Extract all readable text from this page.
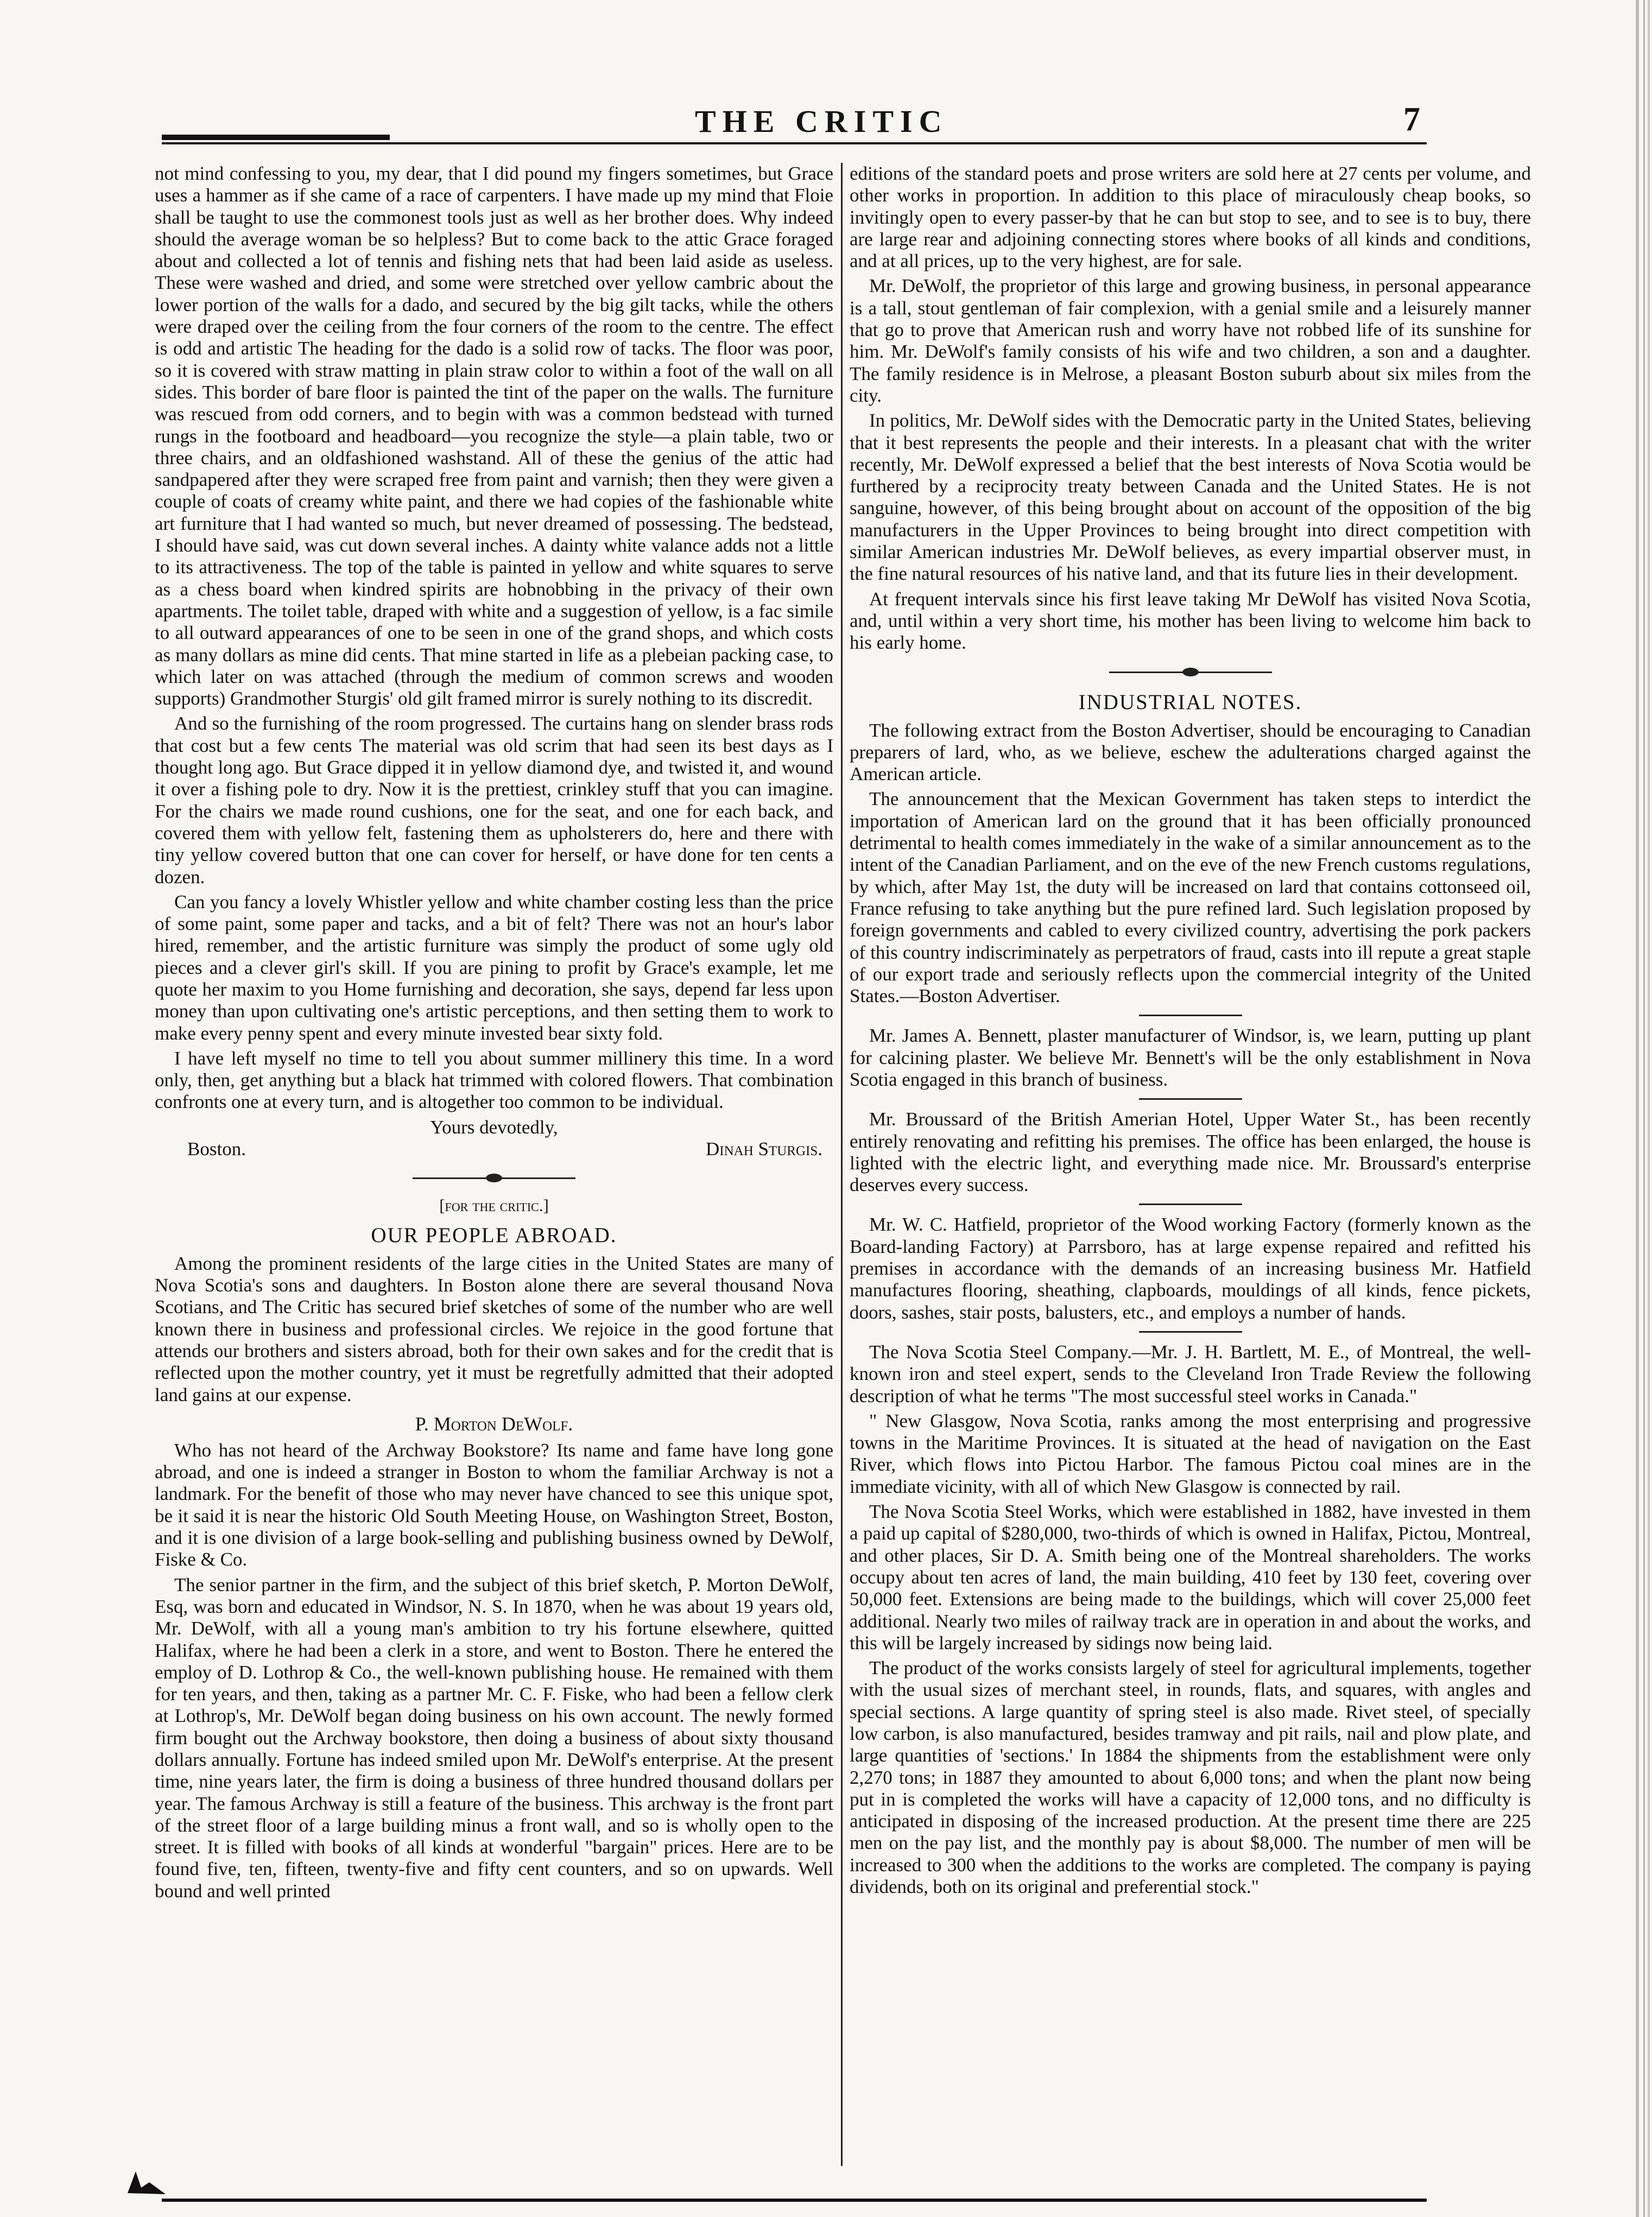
THE CRITIC	7

not mind confessing to you, my dear, that I did pound my fingers sometimes, but Grace uses a hammer as if she came of a race of carpenters. I have made up my mind that Floie shall be taught to use the commonest tools just as well as her brother does. Why indeed should the average woman be so helpless? But to come back to the attic Grace foraged about and collected a lot of tennis and fishing nets that had been laid aside as useless. These were washed and dried, and some were stretched over yellow cambric about the lower portion of the walls for a dado, and secured by the big gilt tacks, while the others were draped over the ceiling from the four corners of the room to the centre. The effect is odd and artistic The heading for the dado is a solid row of tacks. The floor was poor, so it is covered with straw matting in plain straw color to within a foot of the wall on all sides. This border of bare floor is painted the tint of the paper on the walls. The furniture was rescued from odd corners, and to begin with was a common bedstead with turned rungs in the footboard and headboard—you recognize the style—a plain table, two or three chairs, and an oldfashioned washstand. All of these the genius of the attic had sandpapered after they were scraped free from paint and varnish; then they were given a couple of coats of creamy white paint, and there we had copies of the fashionable white art furniture that I had wanted so much, but never dreamed of possessing. The bedstead, I should have said, was cut down several inches. A dainty white valance adds not a little to its attractiveness. The top of the table is painted in yellow and white squares to serve as a chess board when kindred spirits are hobnobbing in the privacy of their own apartments. The toilet table, draped with white and a suggestion of yellow, is a fac simile to all outward appearances of one to be seen in one of the grand shops, and which costs as many dollars as mine did cents. That mine started in life as a plebeian packing case, to which later on was attached (through the medium of common screws and wooden supports) Grandmother Sturgis' old gilt framed mirror is surely nothing to its discredit.

And so the furnishing of the room progressed. The curtains hang on slender brass rods that cost but a few cents The material was old scrim that had seen its best days as I thought long ago. But Grace dipped it in yellow diamond dye, and twisted it, and wound it over a fishing pole to dry. Now it is the prettiest, crinkley stuff that you can imagine. For the chairs we made round cushions, one for the seat, and one for each back, and covered them with yellow felt, fastening them as upholsterers do, here and there with tiny yellow covered button that one can cover for herself, or have done for ten cents a dozen.

Can you fancy a lovely Whistler yellow and white chamber costing less than the price of some paint, some paper and tacks, and a bit of felt? There was not an hour's labor hired, remember, and the artistic furniture was simply the product of some ugly old pieces and a clever girl's skill. If you are pining to profit by Grace's example, let me quote her maxim to you Home furnishing and decoration, she says, depend far less upon money than upon cultivating one's artistic perceptions, and then setting them to work to make every penny spent and every minute invested bear sixty fold.

I have left myself no time to tell you about summer millinery this time. In a word only, then, get anything but a black hat trimmed with colored flowers. That combination confronts one at every turn, and is altogether too common to be individual.

Yours devotedly,
Boston.	Dinah Sturgis.
[for the critic.]
OUR PEOPLE ABROAD.

Among the prominent residents of the large cities in the United States are many of Nova Scotia's sons and daughters. In Boston alone there are several thousand Nova Scotians, and The Critic has secured brief sketches of some of the number who are well known there in business and professional circles. We rejoice in the good fortune that attends our brothers and sisters abroad, both for their own sakes and for the credit that is reflected upon the mother country, yet it must be regretfully admitted that their adopted land gains at our expense.

P. Morton DeWolf.

Who has not heard of the Archway Bookstore? Its name and fame have long gone abroad, and one is indeed a stranger in Boston to whom the familiar Archway is not a landmark. For the benefit of those who may never have chanced to see this unique spot, be it said it is near the historic Old South Meeting House, on Washington Street, Boston, and it is one division of a large book-selling and publishing business owned by DeWolf, Fiske & Co.

The senior partner in the firm, and the subject of this brief sketch, P. Morton DeWolf, Esq, was born and educated in Windsor, N. S. In 1870, when he was about 19 years old, Mr. DeWolf, with all a young man's ambition to try his fortune elsewhere, quitted Halifax, where he had been a clerk in a store, and went to Boston. There he entered the employ of D. Lothrop & Co., the well-known publishing house. He remained with them for ten years, and then, taking as a partner Mr. C. F. Fiske, who had been a fellow clerk at Lothrop's, Mr. DeWolf began doing business on his own account. The newly formed firm bought out the Archway bookstore, then doing a business of about sixty thousand dollars annually. Fortune has indeed smiled upon Mr. DeWolf's enterprise. At the present time, nine years later, the firm is doing a business of three hundred thousand dollars per year. The famous Archway is still a feature of the business. This archway is the front part of the street floor of a large building minus a front wall, and so is wholly open to the street. It is filled with books of all kinds at wonderful "bargain" prices. Here are to be found five, ten, fifteen, twenty-five and fifty cent counters, and so on upwards. Well bound and well printed

editions of the standard poets and prose writers are sold here at 27 cents per volume, and other works in proportion. In addition to this place of miraculously cheap books, so invitingly open to every passer-by that he can but stop to see, and to see is to buy, there are large rear and adjoining connecting stores where books of all kinds and conditions, and at all prices, up to the very highest, are for sale.

Mr. DeWolf, the proprietor of this large and growing business, in personal appearance is a tall, stout gentleman of fair complexion, with a genial smile and a leisurely manner that go to prove that American rush and worry have not robbed life of its sunshine for him. Mr. DeWolf's family consists of his wife and two children, a son and a daughter. The family residence is in Melrose, a pleasant Boston suburb about six miles from the city.

In politics, Mr. DeWolf sides with the Democratic party in the United States, believing that it best represents the people and their interests. In a pleasant chat with the writer recently, Mr. DeWolf expressed a belief that the best interests of Nova Scotia would be furthered by a reciprocity treaty between Canada and the United States. He is not sanguine, however, of this being brought about on account of the opposition of the big manufacturers in the Upper Provinces to being brought into direct competition with similar American industries Mr. DeWolf believes, as every impartial observer must, in the fine natural resources of his native land, and that its future lies in their development.

At frequent intervals since his first leave taking Mr DeWolf has visited Nova Scotia, and, until within a very short time, his mother has been living to welcome him back to his early home.

INDUSTRIAL NOTES.

The following extract from the Boston Advertiser, should be encouraging to Canadian preparers of lard, who, as we believe, eschew the adulterations charged against the American article.

The announcement that the Mexican Government has taken steps to interdict the importation of American lard on the ground that it has been officially pronounced detrimental to health comes immediately in the wake of a similar announcement as to the intent of the Canadian Parliament, and on the eve of the new French customs regulations, by which, after May 1st, the duty will be increased on lard that contains cottonseed oil, France refusing to take anything but the pure refined lard. Such legislation proposed by foreign governments and cabled to every civilized country, advertising the pork packers of this country indiscriminately as perpetrators of fraud, casts into ill repute a great staple of our export trade and seriously reflects upon the commercial integrity of the United States.—Boston Advertiser.

Mr. James A. Bennett, plaster manufacturer of Windsor, is, we learn, putting up plant for calcining plaster. We believe Mr. Bennett's will be the only establishment in Nova Scotia engaged in this branch of business.

Mr. Broussard of the British Amerian Hotel, Upper Water St., has been recently entirely renovating and refitting his premises. The office has been enlarged, the house is lighted with the electric light, and everything made nice. Mr. Broussard's enterprise deserves every success.

Mr. W. C. Hatfield, proprietor of the Wood working Factory (formerly known as the Board-landing Factory) at Parrsboro, has at large expense repaired and refitted his premises in accordance with the demands of an increasing business Mr. Hatfield manufactures flooring, sheathing, clapboards, mouldings of all kinds, fence pickets, doors, sashes, stair posts, balusters, etc., and employs a number of hands.

The Nova Scotia Steel Company.—Mr. J. H. Bartlett, M. E., of Montreal, the well-known iron and steel expert, sends to the Cleveland Iron Trade Review the following description of what he terms "The most successful steel works in Canada."

" New Glasgow, Nova Scotia, ranks among the most enterprising and progressive towns in the Maritime Provinces. It is situated at the head of navigation on the East River, which flows into Pictou Harbor. The famous Pictou coal mines are in the immediate vicinity, with all of which New Glasgow is connected by rail.

The Nova Scotia Steel Works, which were established in 1882, have invested in them a paid up capital of $280,000, two-thirds of which is owned in Halifax, Pictou, Montreal, and other places, Sir D. A. Smith being one of the Montreal shareholders. The works occupy about ten acres of land, the main building, 410 feet by 130 feet, covering over 50,000 feet. Extensions are being made to the buildings, which will cover 25,000 feet additional. Nearly two miles of railway track are in operation in and about the works, and this will be largely increased by sidings now being laid.

The product of the works consists largely of steel for agricultural implements, together with the usual sizes of merchant steel, in rounds, flats, and squares, with angles and special sections. A large quantity of spring steel is also made. Rivet steel, of specially low carbon, is also manufactured, besides tramway and pit rails, nail and plow plate, and large quantities of 'sections.' In 1884 the shipments from the establishment were only 2,270 tons; in 1887 they amounted to about 6,000 tons; and when the plant now being put in is completed the works will have a capacity of 12,000 tons, and no difficulty is anticipated in disposing of the increased production. At the present time there are 225 men on the pay list, and the monthly pay is about $8,000. The number of men will be increased to 300 when the additions to the works are completed. The company is paying dividends, both on its original and preferential stock."
